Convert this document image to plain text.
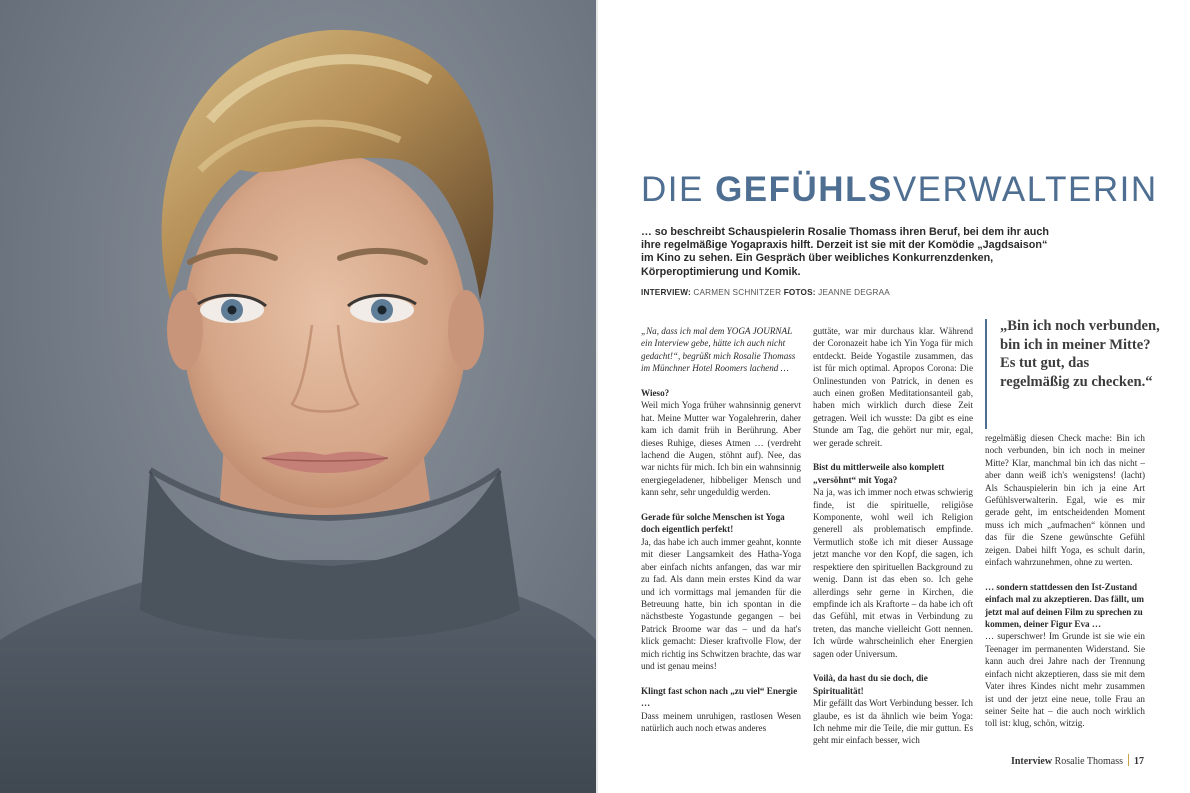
DIE GEFÜHLSVERWALTERIN
… so beschreibt Schauspielerin Rosalie Thomass ihren Beruf, bei dem ihr auch ihre regelmäßige Yogapraxis hilft. Derzeit ist sie mit der Komödie „Jagdsaison“ im Kino zu sehen. Ein Gespräch über weibliches Konkurrenzdenken, Körperoptimierung und Komik.
INTERVIEW: CARMEN SCHNITZER FOTOS: JEANNE DEGRAA

„Na, dass ich mal dem YOGA JOURNAL ein Interview gebe, hätte ich auch nicht gedacht!“, begrüßt mich Rosalie Thomass im Münchner Hotel Roomers lachend …

Wieso?

Weil mich Yoga früher wahnsinnig genervt hat. Meine Mutter war Yogalehrerin, daher kam ich damit früh in Berührung. Aber dieses Ruhige, dieses Atmen … (verdreht lachend die Augen, stöhnt auf). Nee, das war nichts für mich. Ich bin ein wahnsinnig energiegeladener, hibbeliger Mensch und kann sehr, sehr ungeduldig werden.

Gerade für solche Menschen ist Yoga doch eigentlich perfekt!

Ja, das habe ich auch immer geahnt, konnte mit dieser Langsamkeit des Hatha-Yoga aber einfach nichts anfangen, das war mir zu fad. Als dann mein erstes Kind da war und ich vormittags mal jemanden für die Betreuung hatte, bin ich spontan in die nächstbeste Yogastunde gegangen – bei Patrick Broome war das – und da hat's klick gemacht: Dieser kraftvolle Flow, der mich richtig ins Schwitzen brachte, das war und ist genau meins!

Klingt fast schon nach „zu viel“ Energie …

Dass meinem unruhigen, rastlosen Wesen natürlich auch noch etwas anderes

guttäte, war mir durchaus klar. Während der Coronazeit habe ich Yin Yoga für mich entdeckt. Beide Yogastile zusammen, das ist für mich optimal. Apropos Corona: Die Onlinestunden von Patrick, in denen es auch einen großen Meditationsanteil gab, haben mich wirklich durch diese Zeit getragen. Weil ich wusste: Da gibt es eine Stunde am Tag, die gehört nur mir, egal, wer gerade schreit.

Bist du mittlerweile also komplett „versöhnt“ mit Yoga?

Na ja, was ich immer noch etwas schwierig finde, ist die spirituelle, religiöse Komponente, wohl weil ich Religion generell als problematisch empfinde. Vermutlich stoße ich mit dieser Aussage jetzt manche vor den Kopf, die sagen, ich respektiere den spirituellen Background zu wenig. Dann ist das eben so. Ich gehe allerdings sehr gerne in Kirchen, die empfinde ich als Kraftorte – da habe ich oft das Gefühl, mit etwas in Verbindung zu treten, das manche vielleicht Gott nennen. Ich würde wahrscheinlich eher Energien sagen oder Universum.

Voilà, da hast du sie doch, die Spiritualität!

Mir gefällt das Wort Verbindung besser. Ich glaube, es ist da ähnlich wie beim Yoga: Ich nehme mir die Teile, die mir guttun. Es geht mir einfach besser, wich

„Bin ich noch verbunden, bin ich in meiner Mitte? Es tut gut, das regelmäßig zu checken.“

regelmäßig diesen Check mache: Bin ich noch verbunden, bin ich noch in meiner Mitte? Klar, manchmal bin ich das nicht – aber dann weiß ich's wenigstens! (lacht) Als Schauspielerin bin ich ja eine Art Gefühlsverwalterin. Egal, wie es mir gerade geht, im entscheidenden Moment muss ich mich „aufmachen“ können und das für die Szene gewünschte Gefühl zeigen. Dabei hilft Yoga, es schult darin, einfach wahrzunehmen, ohne zu werten.

… sondern stattdessen den Ist-Zustand einfach mal zu akzeptieren. Das fällt, um jetzt mal auf deinen Film zu sprechen zu kommen, deiner Figur Eva …

… superschwer! Im Grunde ist sie wie ein Teenager im permanenten Widerstand. Sie kann auch drei Jahre nach der Trennung einfach nicht akzeptieren, dass sie mit dem Vater ihres Kindes nicht mehr zusammen ist und der jetzt eine neue, tolle Frau an seiner Seite hat – die auch noch wirklich toll ist: klug, schön, witzig.

Interview Rosalie Thomass 17
